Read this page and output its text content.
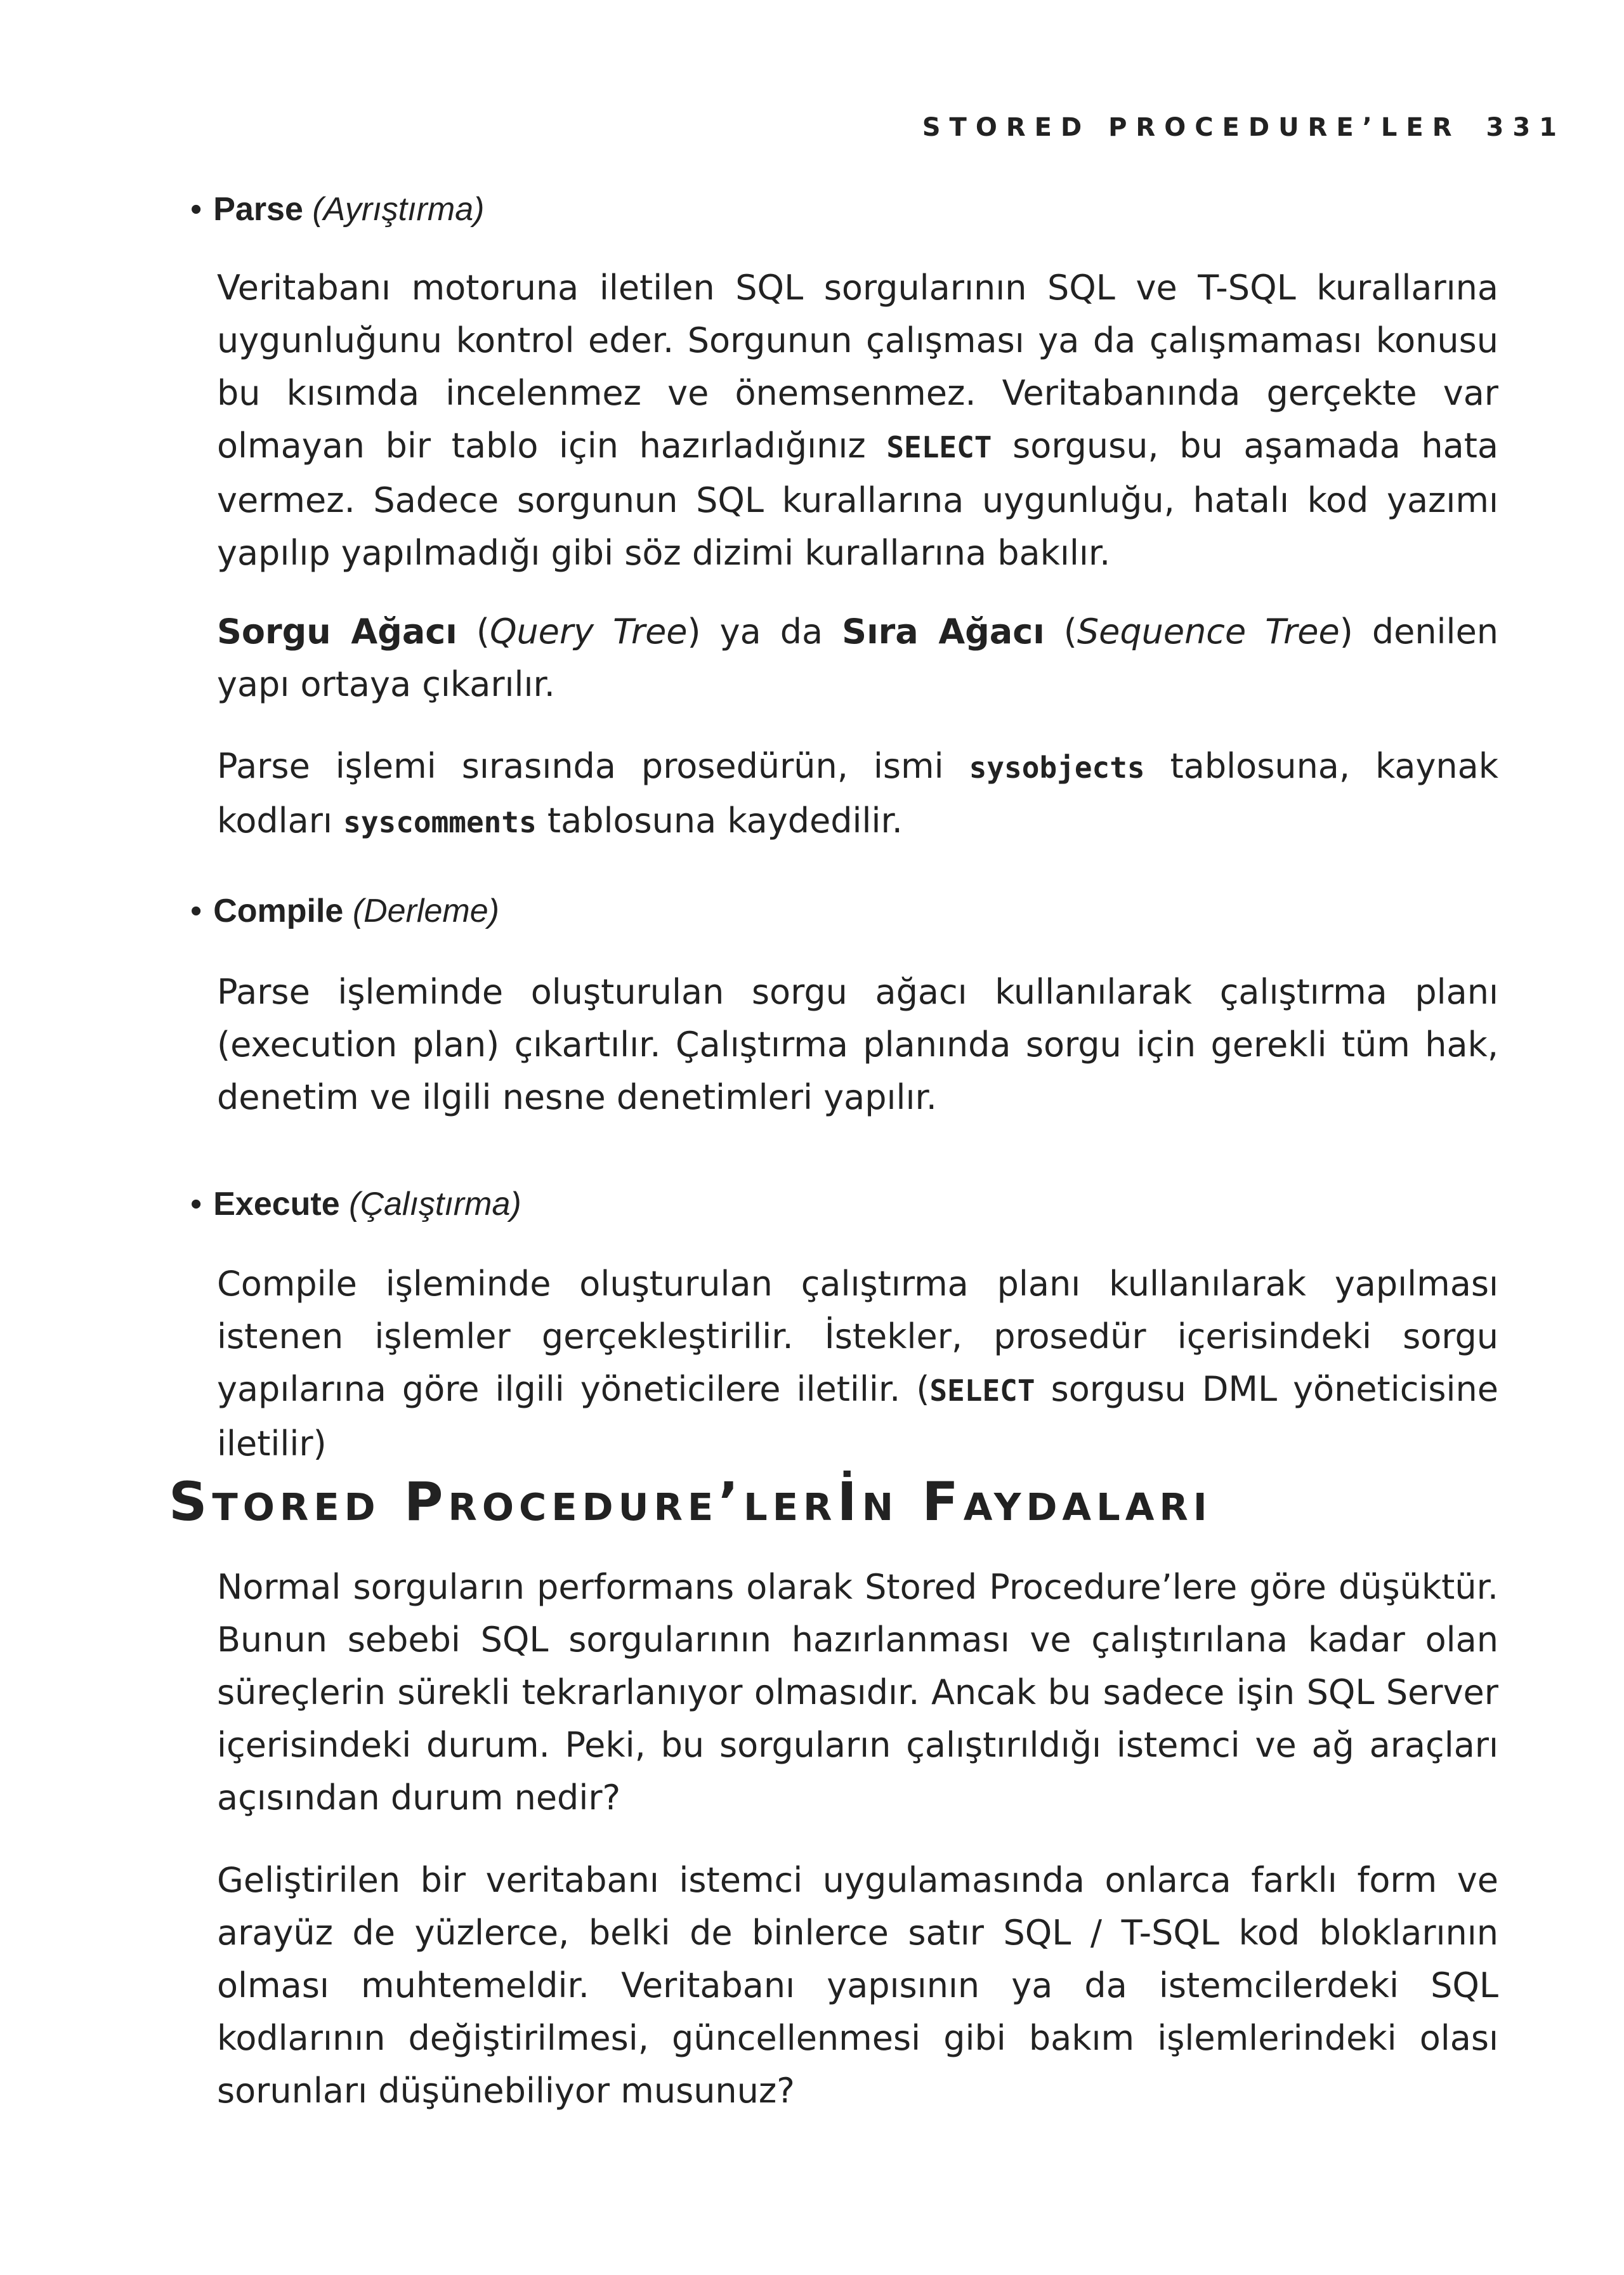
STORED PROCEDURE’LER 331
• Parse (Ayrıştırma)
Veritabanı motoruna iletilen SQL sorgularının SQL ve T-SQL kurallarına uygunluğunu kontrol eder. Sorgunun çalışması ya da çalışmaması konusu bu kısımda incelenmez ve önemsenmez. Veritabanında gerçekte var olmayan bir tablo için hazırladığınız SELECT sorgusu, bu aşamada hata vermez. Sadece sorgunun SQL kurallarına uygunluğu, hatalı kod yazımı yapılıp yapılmadığı gibi söz dizimi kurallarına bakılır.
Sorgu Ağacı (Query Tree) ya da Sıra Ağacı (Sequence Tree) denilen yapı ortaya çıkarılır.
Parse işlemi sırasında prosedürün, ismi sysobjects tablosuna, kaynak kodları syscomments tablosuna kaydedilir.
• Compile (Derleme)
Parse işleminde oluşturulan sorgu ağacı kullanılarak çalıştırma planı (execution plan) çıkartılır. Çalıştırma planında sorgu için gerekli tüm hak, denetim ve ilgili nesne denetimleri yapılır.
• Execute (Çalıştırma)
Compile işleminde oluşturulan çalıştırma planı kullanılarak yapılması istenen işlemler gerçekleştirilir. İstekler, prosedür içerisindeki sorgu yapılarına göre ilgili yöneticilere iletilir. (SELECT sorgusu DML yöneticisine iletilir)
Stored Procedure’lerİn Faydaları
Normal sorguların performans olarak Stored Procedure’lere göre düşüktür. Bunun sebebi SQL sorgularının hazırlanması ve çalıştırılana kadar olan süreçlerin sürekli tekrarlanıyor olmasıdır. Ancak bu sadece işin SQL Server içerisindeki durum. Peki, bu sorguların çalıştırıldığı istemci ve ağ araçları açısından durum nedir?
Geliştirilen bir veritabanı istemci uygulamasında onlarca farklı form ve arayüz de yüzlerce, belki de binlerce satır SQL / T-SQL kod bloklarının olması muhtemeldir. Veritabanı yapısının ya da istemcilerdeki SQL kodlarının değiştirilmesi, güncellenmesi gibi bakım işlemlerindeki olası sorunları düşünebiliyor musunuz?
